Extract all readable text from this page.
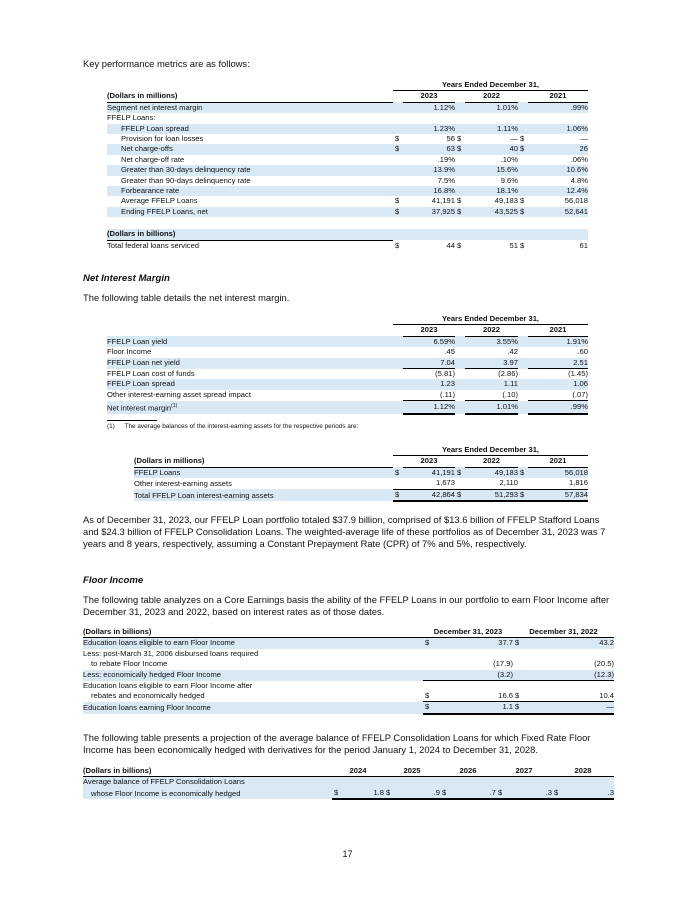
Key performance metrics are as follows:

	Years Ended December 31,					
(Dollars in millions)		2023		2022		2021
Segment net interest margin		1.12%		1.01%		.99%
FFELP Loans:						
FFELP Loan spread		1.23%		1.11%		1.06%
Provision for loan losses	$	56	$	—	$	—
Net charge-offs	$	63	$	40	$	26
Net charge-off rate		.19%		.10%		.06%
Greater than 30-days delinquency rate		13.9%		15.6%		10.6%
Greater than 90-days delinquency rate		7.5%		9.6%		4.8%
Forbearance rate		16.8%		18.1%		12.4%
Average FFELP Loans	$	41,191	$	49,183	$	56,018
Ending FFELP Loans, net	$	37,925	$	43,525	$	52,641

(Dollars in billions)						
Total federal loans serviced	$	44	$	51	$	61

Net Interest Margin

The following table details the net interest margin.

	Years Ended December 31,					
		2023		2022		2021
FFELP Loan yield		6.59%		3.55%		1.91%
Floor Income		.45		.42		.60
FFELP Loan net yield		7.04		3.97		2.51
FFELP Loan cost of funds		(5.81)		(2.86)		(1.45)
FFELP Loan spread		1.23		1.11		1.06
Other interest-earning asset spread impact		(.11)		(.10)		(.07)
Net interest margin$^{(1)}$		1.12%		1.01%		.99%
(1) The average balances of the interest-earning assets for the respective periods are:
	Years Ended December 31,					
(Dollars in millions)		2023		2022		2021
FFELP Loans	$	41,191	$	49,183	$	56,018
Other interest-earning assets		1,673		2,110		1,816
Total FFELP Loan interest-earning assets	$	42,864	$	51,293	$	57,834

As of December 31, 2023, our FFELP Loan portfolio totaled $37.9 billion, comprised of $13.6 billion of FFELP Stafford Loans and $24.3 billion of FFELP Consolidation Loans. The weighted-average life of these portfolios as of December 31, 2023 was 7 years and 8 years, respectively, assuming a Constant Prepayment Rate (CPR) of 7% and 5%, respectively.

Floor Income

The following table analyzes on a Core Earnings basis the ability of the FFELP Loans in our portfolio to earn Floor Income after December 31, 2023 and 2022, based on interest rates as of those dates.

(Dollars in billions)	December 31, 2023		December 31, 2022	
Education loans eligible to earn Floor Income	$	37.7	$	43.2
Less: post-March 31, 2006 disbursed loans required				
to rebate Floor Income		(17.9)		(20.5)
Less: economically hedged Floor Income		(3.2)		(12.3)
Education loans eligible to earn Floor Income after				
rebates and economically hedged	$	16.6	$	10.4
Education loans earning Floor Income	$	1.1	$	—

The following table presents a projection of the average balance of FFELP Consolidation Loans for which Fixed Rate Floor Income has been economically hedged with derivatives for the period January 1, 2024 to December 31, 2028.

(Dollars in billions)	2024		2025		2026		2027		2028	
Average balance of FFELP Consolidation Loans										
whose Floor Income is economically hedged	$	1.8	$	.9	$	.7	$	.3	$	.3
17
